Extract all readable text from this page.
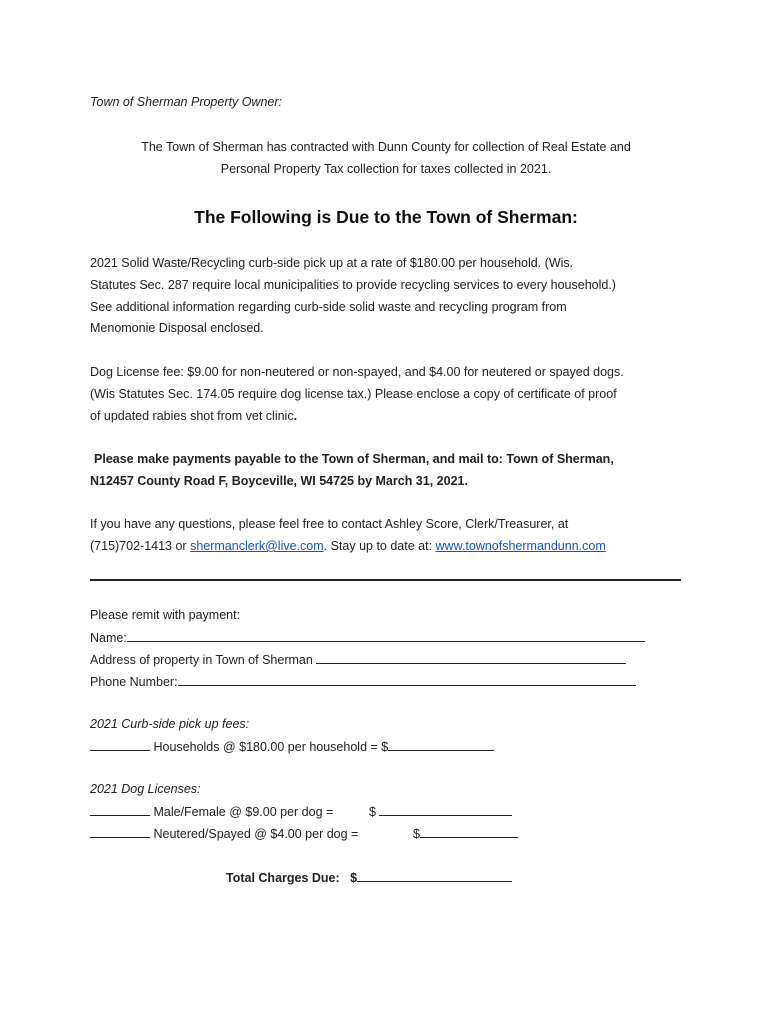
Town of Sherman Property Owner:
The Town of Sherman has contracted with Dunn County for collection of Real Estate and
Personal Property Tax collection for taxes collected in 2021.
The Following is Due to the Town of Sherman:
2021 Solid Waste/Recycling curb-side pick up at a rate of $180.00 per household. (Wis.
Statutes Sec. 287 require local municipalities to provide recycling services to every household.)
See additional information regarding curb-side solid waste and recycling program from
Menomonie Disposal enclosed.
Dog License fee: $9.00 for non-neutered or non-spayed, and $4.00 for neutered or spayed dogs.
(Wis Statutes Sec. 174.05 require dog license tax.) Please enclose a copy of certificate of proof
of updated rabies shot from vet clinic.
Please make payments payable to the Town of Sherman, and mail to: Town of Sherman,
N12457 County Road F, Boyceville, WI 54725 by March 31, 2021.
If you have any questions, please feel free to contact Ashley Score, Clerk/Treasurer, at
(715)702-1413 or shermanclerk@live.com. Stay up to date at: www.townofshermandunn.com
Please remit with payment:
Name:
Address of property in Town of Sherman
Phone Number:
2021 Curb-side pick up fees:
Households @ $180.00 per household = $
2021 Dog Licenses:
Male/Female @ $9.00 per dog =	$
Neutered/Spayed @ $4.00 per dog =	$
Total Charges Due: $
